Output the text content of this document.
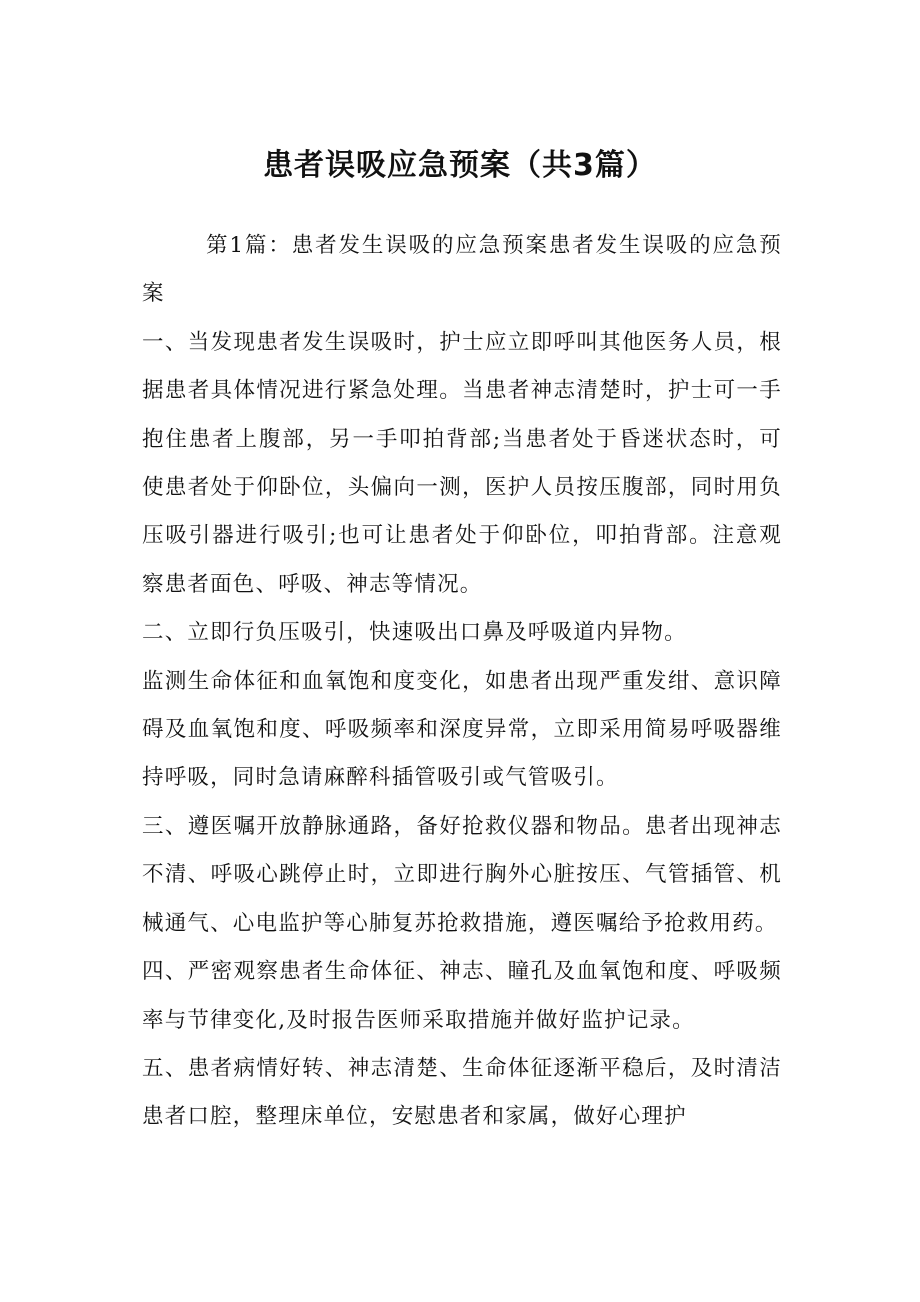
患者误吸应急预案（共3篇）

第1篇：患者发生误吸的应急预案患者发生误吸的应急预案

一、当发现患者发生误吸时，护士应立即呼叫其他医务人员，根据患者具体情况进行紧急处理。当患者神志清楚时，护士可一手抱住患者上腹部，另一手叩拍背部;当患者处于昏迷状态时，可使患者处于仰卧位，头偏向一测，医护人员按压腹部，同时用负压吸引器进行吸引;也可让患者处于仰卧位，叩拍背部。注意观察患者面色、呼吸、神志等情况。

二、立即行负压吸引，快速吸出口鼻及呼吸道内异物。

监测生命体征和血氧饱和度变化，如患者出现严重发绀、意识障碍及血氧饱和度、呼吸频率和深度异常，立即采用简易呼吸器维持呼吸，同时急请麻醉科插管吸引或气管吸引。

三、遵医嘱开放静脉通路，备好抢救仪器和物品。患者出现神志不清、呼吸心跳停止时，立即进行胸外心脏按压、气管插管、机械通气、心电监护等心肺复苏抢救措施，遵医嘱给予抢救用药。

四、严密观察患者生命体征、神志、瞳孔及血氧饱和度、呼吸频率与节律变化,及时报告医师采取措施并做好监护记录。

五、患者病情好转、神志清楚、生命体征逐渐平稳后，及时清洁患者口腔，整理床单位，安慰患者和家属，做好心理护
